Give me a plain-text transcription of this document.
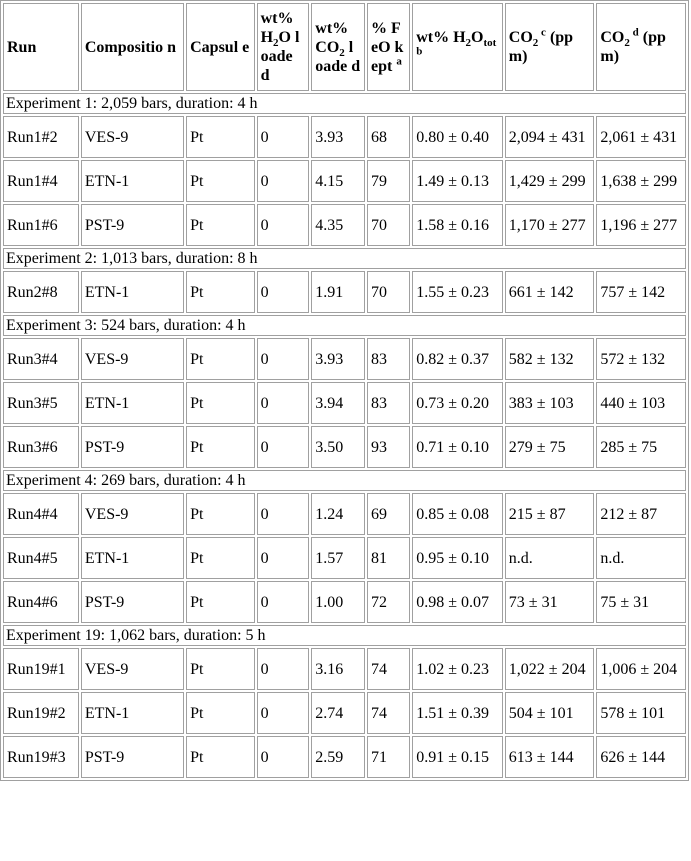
Run	Compositio n	Capsul e	wt% $H_2O$ loade d	wt% $CO_2$ loade d	% FeO kept $^a$	wt% $H_2O_{tot}$ $^b$	$CO_2$ $^c$ (ppm)	$CO_2$ $^d$ (ppm)
Experiment 1: 2,059 bars, duration: 4 h								
Run1#2	VES-9	Pt	0	3.93	68	0.80 ± 0.40	2,094 ± 431	2,061 ± 431
Run1#4	ETN-1	Pt	0	4.15	79	1.49 ± 0.13	1,429 ± 299	1,638 ± 299
Run1#6	PST-9	Pt	0	4.35	70	1.58 ± 0.16	1,170 ± 277	1,196 ± 277
Experiment 2: 1,013 bars, duration: 8 h								
Run2#8	ETN-1	Pt	0	1.91	70	1.55 ± 0.23	661 ± 142	757 ± 142
Experiment 3: 524 bars, duration: 4 h								
Run3#4	VES-9	Pt	0	3.93	83	0.82 ± 0.37	582 ± 132	572 ± 132
Run3#5	ETN-1	Pt	0	3.94	83	0.73 ± 0.20	383 ± 103	440 ± 103
Run3#6	PST-9	Pt	0	3.50	93	0.71 ± 0.10	279 ± 75	285 ± 75
Experiment 4: 269 bars, duration: 4 h								
Run4#4	VES-9	Pt	0	1.24	69	0.85 ± 0.08	215 ± 87	212 ± 87
Run4#5	ETN-1	Pt	0	1.57	81	0.95 ± 0.10	n.d.	n.d.
Run4#6	PST-9	Pt	0	1.00	72	0.98 ± 0.07	73 ± 31	75 ± 31
Experiment 19: 1,062 bars, duration: 5 h								
Run19#1	VES-9	Pt	0	3.16	74	1.02 ± 0.23	1,022 ± 204	1,006 ± 204
Run19#2	ETN-1	Pt	0	2.74	74	1.51 ± 0.39	504 ± 101	578 ± 101
Run19#3	PST-9	Pt	0	2.59	71	0.91 ± 0.15	613 ± 144	626 ± 144
